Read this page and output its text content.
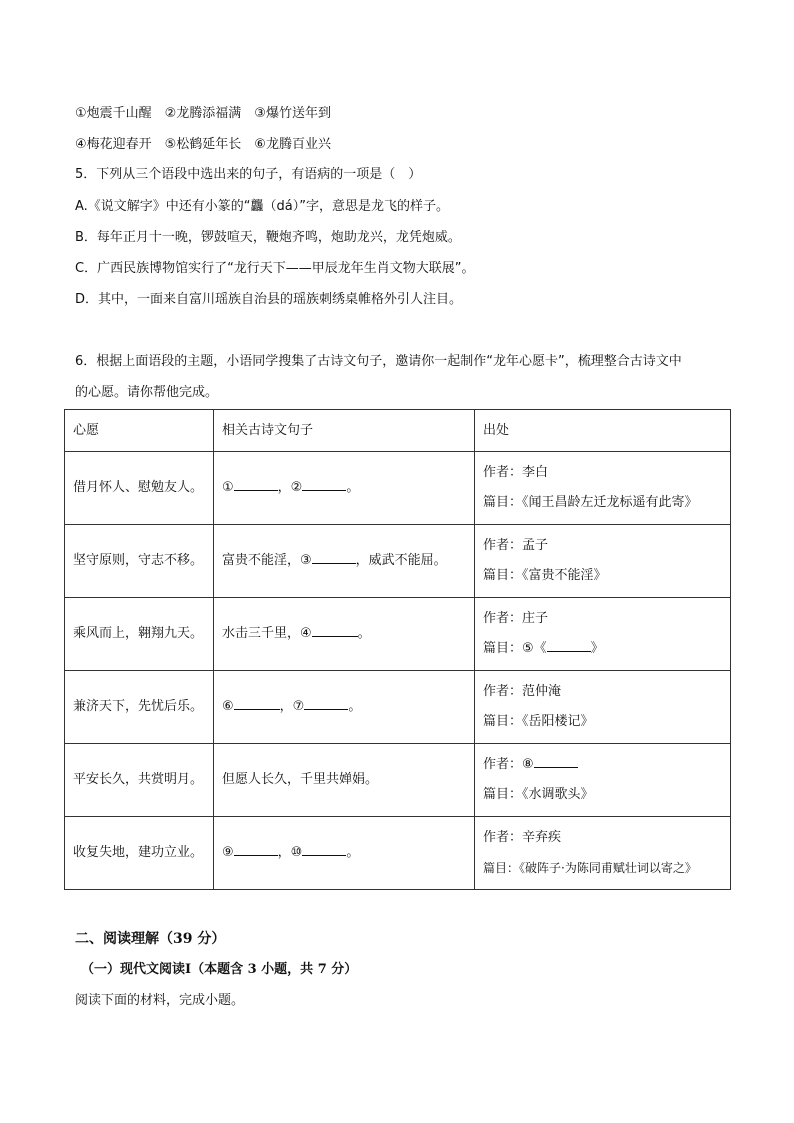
①炮震千山醒　②龙腾添福满　③爆竹送年到
④梅花迎春开　⑤松鹤延年长　⑥龙腾百业兴
5．下列从三个语段中选出来的句子，有语病的一项是（　）
A.《说文解字》中还有小篆的“龘（dá）”字，意思是龙飞的样子。
B．每年正月十一晚，锣鼓喧天，鞭炮齐鸣，炮助龙兴，龙凭炮威。
C．广西民族博物馆实行了“龙行天下——甲辰龙年生肖文物大联展”。
D．其中，一面来自富川瑶族自治县的瑶族刺绣桌帷格外引人注目。
6．根据上面语段的主题，小语同学搜集了古诗文句子，邀请你一起制作“龙年心愿卡”，梳理整合古诗文中
的心愿。请你帮他完成。
心愿	相关古诗文句子	出处
借月怀人、慰勉友人。	① ，② 。	作者：李白
篇目：《闻王昌龄左迁龙标遥有此寄》

坚守原则，守志不移。	富贵不能淫，③ ，威武不能屈。	作者：孟子
篇目：《富贵不能淫》

乘风而上，翱翔九天。	水击三千里，④ 。	作者：庄子
篇目：⑤《 》

兼济天下，先忧后乐。	⑥ ，⑦ 。	作者：范仲淹
篇目：《岳阳楼记》

平安长久，共赏明月。	但愿人长久，千里共婵娟。	作者：⑧
篇目：《水调歌头》

收复失地，建功立业。	⑨ ，⑩ 。	作者：辛弃疾
篇目：《破阵子·为陈同甫赋壮词以寄之》
二、阅读理解（39 分）
（一）现代文阅读Ⅰ（本题含 3 小题，共 7 分）
阅读下面的材料，完成小题。
